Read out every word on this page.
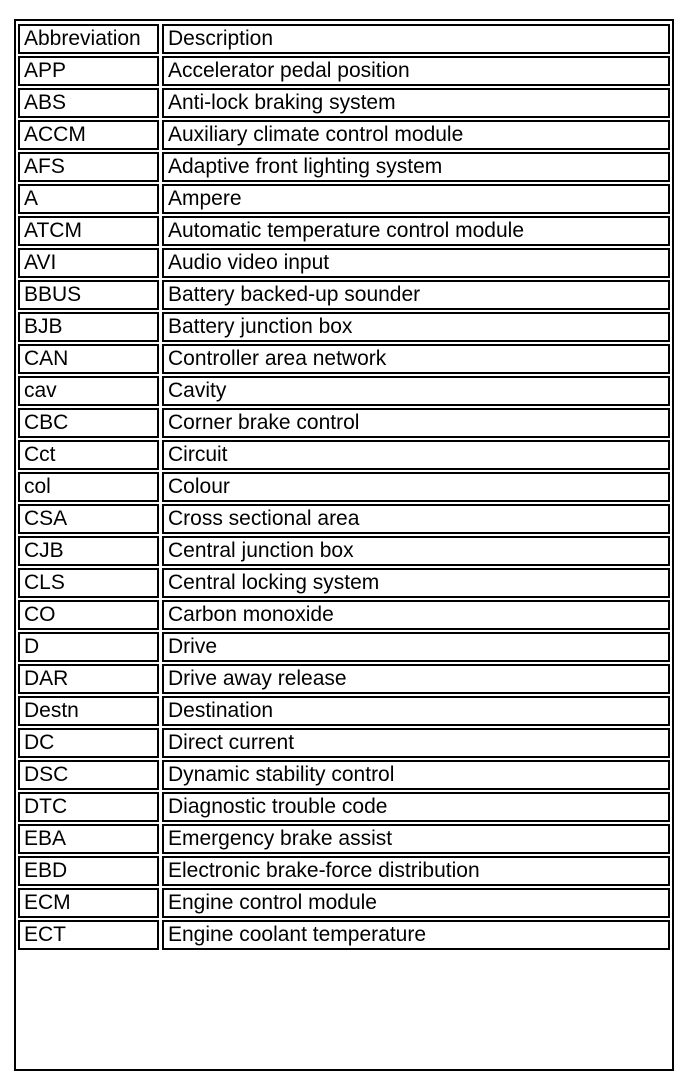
Abbreviation		Description
APP		Accelerator pedal position
ABS		Anti-lock braking system
ACCM		Auxiliary climate control module
AFS		Adaptive front lighting system
A		Ampere
ATCM		Automatic temperature control module
AVI		Audio video input
BBUS		Battery backed-up sounder
BJB		Battery junction box
CAN		Controller area network
cav		Cavity
CBC		Corner brake control
Cct		Circuit
col		Colour
CSA		Cross sectional area
CJB		Central junction box
CLS		Central locking system
CO		Carbon monoxide
D		Drive
DAR		Drive away release
Destn		Destination
DC		Direct current
DSC		Dynamic stability control
DTC		Diagnostic trouble code
EBA		Emergency brake assist
EBD		Electronic brake-force distribution
ECM		Engine control module
ECT		Engine coolant temperature
